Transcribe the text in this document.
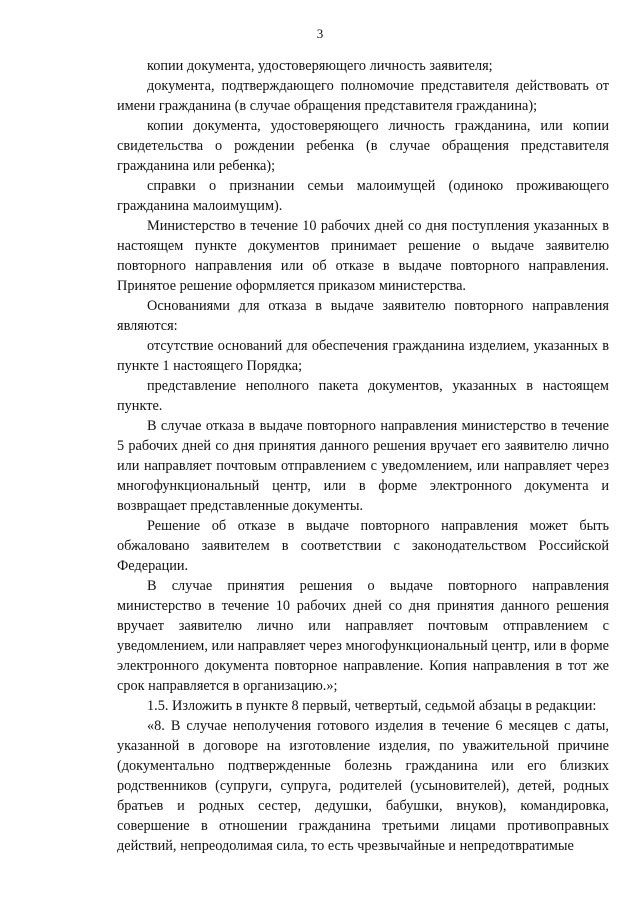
3

копии документа, удостоверяющего личность заявителя;

документа, подтверждающего полномочие представителя действовать от имени гражданина (в случае обращения представителя гражданина);

копии документа, удостоверяющего личность гражданина, или копии свидетельства о рождении ребенка (в случае обращения представителя гражданина или ребенка);

справки о признании семьи малоимущей (одиноко проживающего гражданина малоимущим).

Министерство в течение 10 рабочих дней со дня поступления указанных в настоящем пункте документов принимает решение о выдаче заявителю повторного направления или об отказе в выдаче повторного направления. Принятое решение оформляется приказом министерства.

Основаниями для отказа в выдаче заявителю повторного направления являются:

отсутствие оснований для обеспечения гражданина изделием, указанных в пункте 1 настоящего Порядка;

представление неполного пакета документов, указанных в настоящем пункте.

В случае отказа в выдаче повторного направления министерство в течение 5 рабочих дней со дня принятия данного решения вручает его заявителю лично или направляет почтовым отправлением с уведомлением, или направляет через многофункциональный центр, или в форме электронного документа и возвращает представленные документы.

Решение об отказе в выдаче повторного направления может быть обжаловано заявителем в соответствии с законодательством Российской Федерации.

В случае принятия решения о выдаче повторного направления министерство в течение 10 рабочих дней со дня принятия данного решения вручает заявителю лично или направляет почтовым отправлением с уведомлением, или направляет через многофункциональный центр, или в форме электронного документа повторное направление. Копия направления в тот же срок направляется в организацию.»;

1.5. Изложить в пункте 8 первый, четвертый, седьмой абзацы в редакции:

«8. В случае неполучения готового изделия в течение 6 месяцев с даты, указанной в договоре на изготовление изделия, по уважительной причине (документально подтвержденные болезнь гражданина или его близких родственников (супруги, супруга, родителей (усыновителей), детей, родных братьев и родных сестер, дедушки, бабушки, внуков), командировка, совершение в отношении гражданина третьими лицами противоправных действий, непреодолимая сила, то есть чрезвычайные и непредотвратимые
